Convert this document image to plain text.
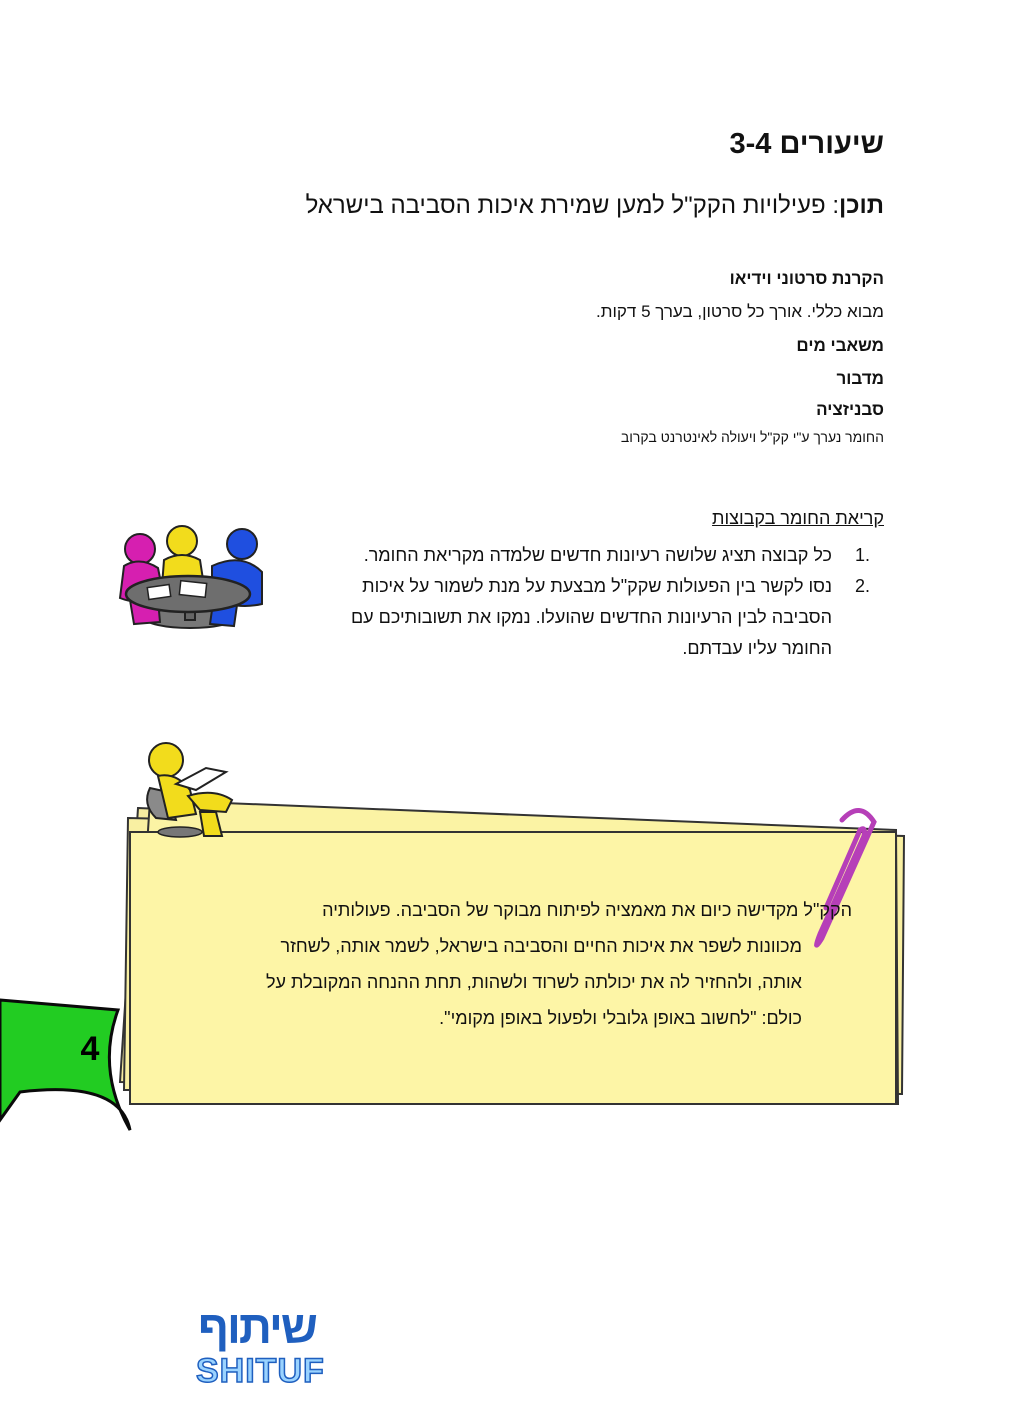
שיעורים 3-4
תוכן: פעילויות הקק"ל למען שמירת איכות הסביבה בישראל
הקרנת סרטוני וידיאו
מבוא כללי. אורך כל סרטון, בערך 5 דקות.
משאבי מים
מדבור
סבניזציה
החומר נערך ע"י קק"ל ויעולה לאינטרנט בקרוב
קריאת החומר בקבוצות
1.
כל קבוצה תציג שלושה רעיונות חדשים שלמדה מקריאת החומר.
2.
נסו לקשר בין הפעולות שקק"ל מבצעת על מנת לשמור על איכות הסביבה לבין הרעיונות החדשים שהועלו. נמקו את תשובותיכם עם החומר עליו עבדתם.
הקק"ל מקדישה כיום את מאמציה לפיתוח מבוקר של הסביבה. פעולותיה
מכוונות לשפר את איכות החיים והסביבה בישראל, לשמר אותה, לשחזר
אותה, ולהחזיר לה את יכולתה לשרוד ולשהות, תחת ההנחה המקובלת על
כולם: "לחשוב באופן גלובלי ולפעול באופן מקומי".
4
שיתוף
SHITUF
